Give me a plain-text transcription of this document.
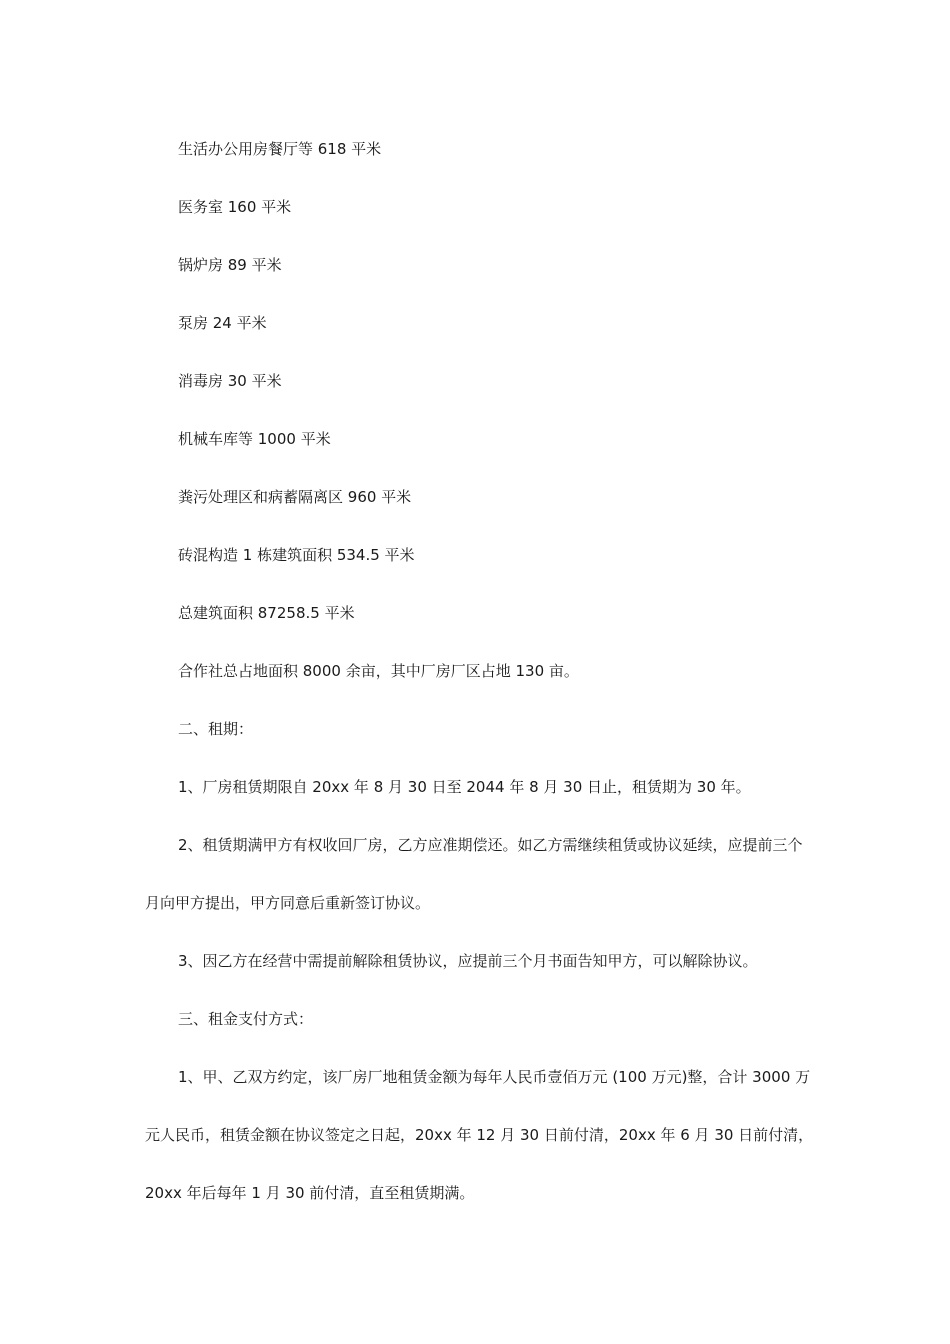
生活办公用房餐厅等 618 平米

医务室 160 平米

锅炉房 89 平米

泵房 24 平米

消毒房 30 平米

机械车库等 1000 平米

粪污处理区和病蓄隔离区 960 平米

砖混构造 1 栋建筑面积 534.5 平米

总建筑面积 87258.5 平米

合作社总占地面积 8000 余亩，其中厂房厂区占地 130 亩。

二、租期：

1、厂房租赁期限自 20xx 年 8 月 30 日至 2044 年 8 月 30 日止，租赁期为 30 年。

2、租赁期满甲方有权收回厂房，乙方应准期偿还。如乙方需继续租赁或协议延续，应提前三个月向甲方提出，甲方同意后重新签订协议。

3、因乙方在经营中需提前解除租赁协议，应提前三个月书面告知甲方，可以解除协议。

三、租金支付方式：

1、甲、乙双方约定，该厂房厂地租赁金额为每年人民币壹佰万元 (100 万元)整，合计 3000 万元人民币，租赁金额在协议签定之日起，20xx 年 12 月 30 日前付清，20xx 年 6 月 30 日前付清，20xx 年后每年 1 月 30 前付清，直至租赁期满。
